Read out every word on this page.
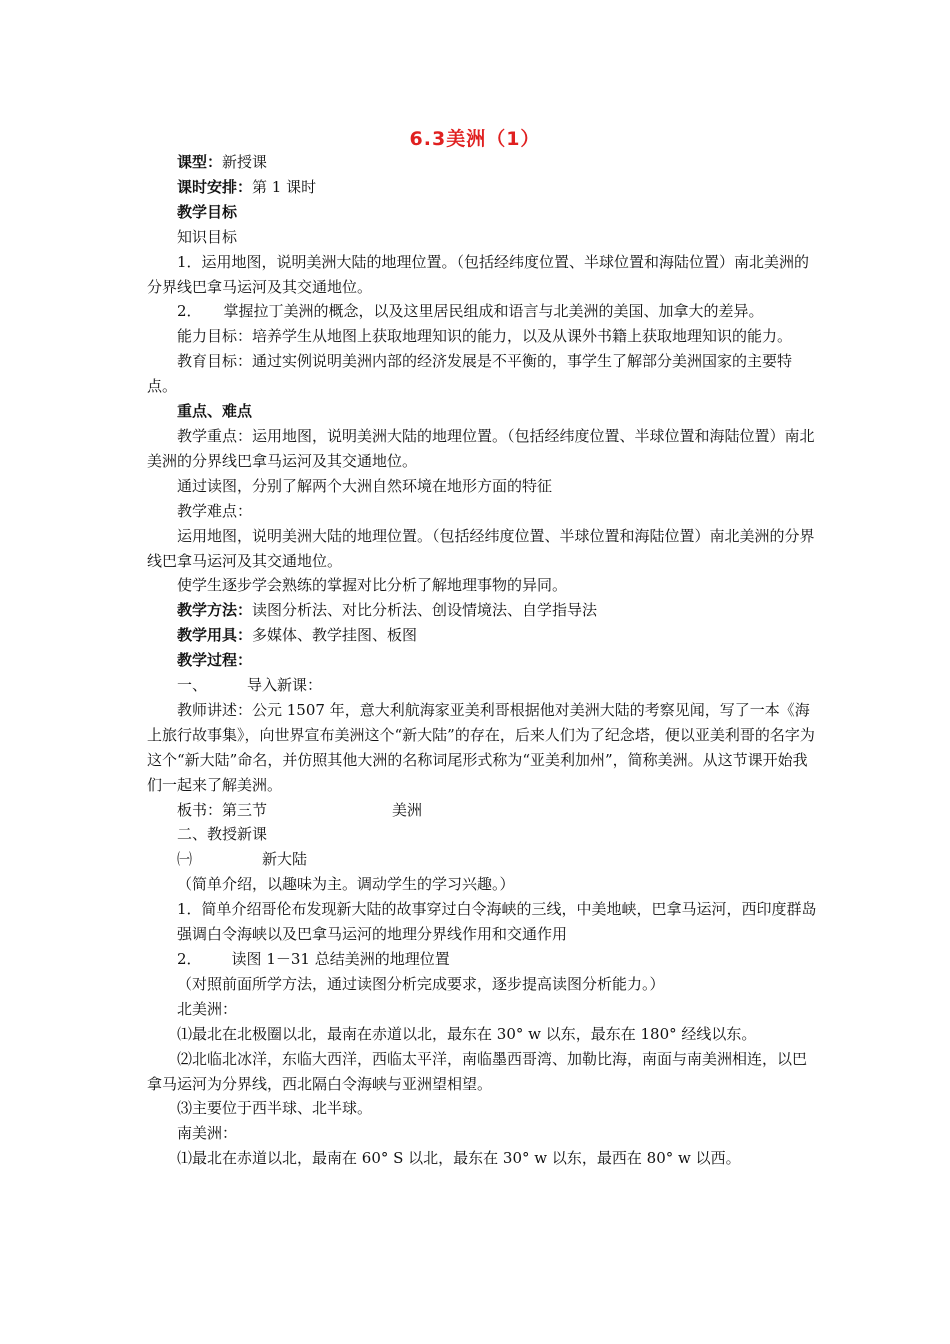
6.3美洲（1）

课型：新授课

课时安排：第 1 课时

教学目标

知识目标

1．运用地图，说明美洲大陆的地理位置。（包括经纬度位置、半球位置和海陆位置）南北美洲的分界线巴拿马运河及其交通地位。

2． 掌握拉丁美洲的概念，以及这里居民组成和语言与北美洲的美国、加拿大的差异。

能力目标：培养学生从地图上获取地理知识的能力，以及从课外书籍上获取地理知识的能力。

教育目标：通过实例说明美洲内部的经济发展是不平衡的，事学生了解部分美洲国家的主要特点。

重点、难点

教学重点：运用地图，说明美洲大陆的地理位置。（包括经纬度位置、半球位置和海陆位置）南北美洲的分界线巴拿马运河及其交通地位。

通过读图，分别了解两个大洲自然环境在地形方面的特征

教学难点：

运用地图，说明美洲大陆的地理位置。（包括经纬度位置、半球位置和海陆位置）南北美洲的分界线巴拿马运河及其交通地位。

使学生逐步学会熟练的掌握对比分析了解地理事物的异同。

教学方法：读图分析法、对比分析法、创设情境法、自学指导法

教学用具：多媒体、教学挂图、板图

教学过程：

一、	导入新课：

教师讲述：公元 1507 年，意大利航海家亚美利哥根据他对美洲大陆的考察见闻，写了一本《海上旅行故事集》，向世界宣布美洲这个“新大陆”的存在，后来人们为了纪念塔，便以亚美利哥的名字为这个“新大陆”命名，并仿照其他大洲的名称词尾形式称为“亚美利加州”，简称美洲。从这节课开始我们一起来了解美洲。

板书：第三节	美洲

二、教授新课

㈠	新大陆

（简单介绍，以趣味为主。调动学生的学习兴趣。）

1．简单介绍哥伦布发现新大陆的故事穿过白令海峡的三线，中美地峡，巴拿马运河，西印度群岛

强调白令海峡以及巴拿马运河的地理分界线作用和交通作用

2． 读图 1－31 总结美洲的地理位置

（对照前面所学方法，通过读图分析完成要求，逐步提高读图分析能力。）

北美洲：

⑴最北在北极圈以北，最南在赤道以北，最东在 30° w 以东，最东在 180° 经线以东。

⑵北临北冰洋，东临大西洋，西临太平洋，南临墨西哥湾、加勒比海，南面与南美洲相连，以巴拿马运河为分界线，西北隔白令海峡与亚洲望相望。

⑶主要位于西半球、北半球。

南美洲：

⑴最北在赤道以北，最南在 60° S 以北，最东在 30° w 以东，最西在 80° w 以西。
